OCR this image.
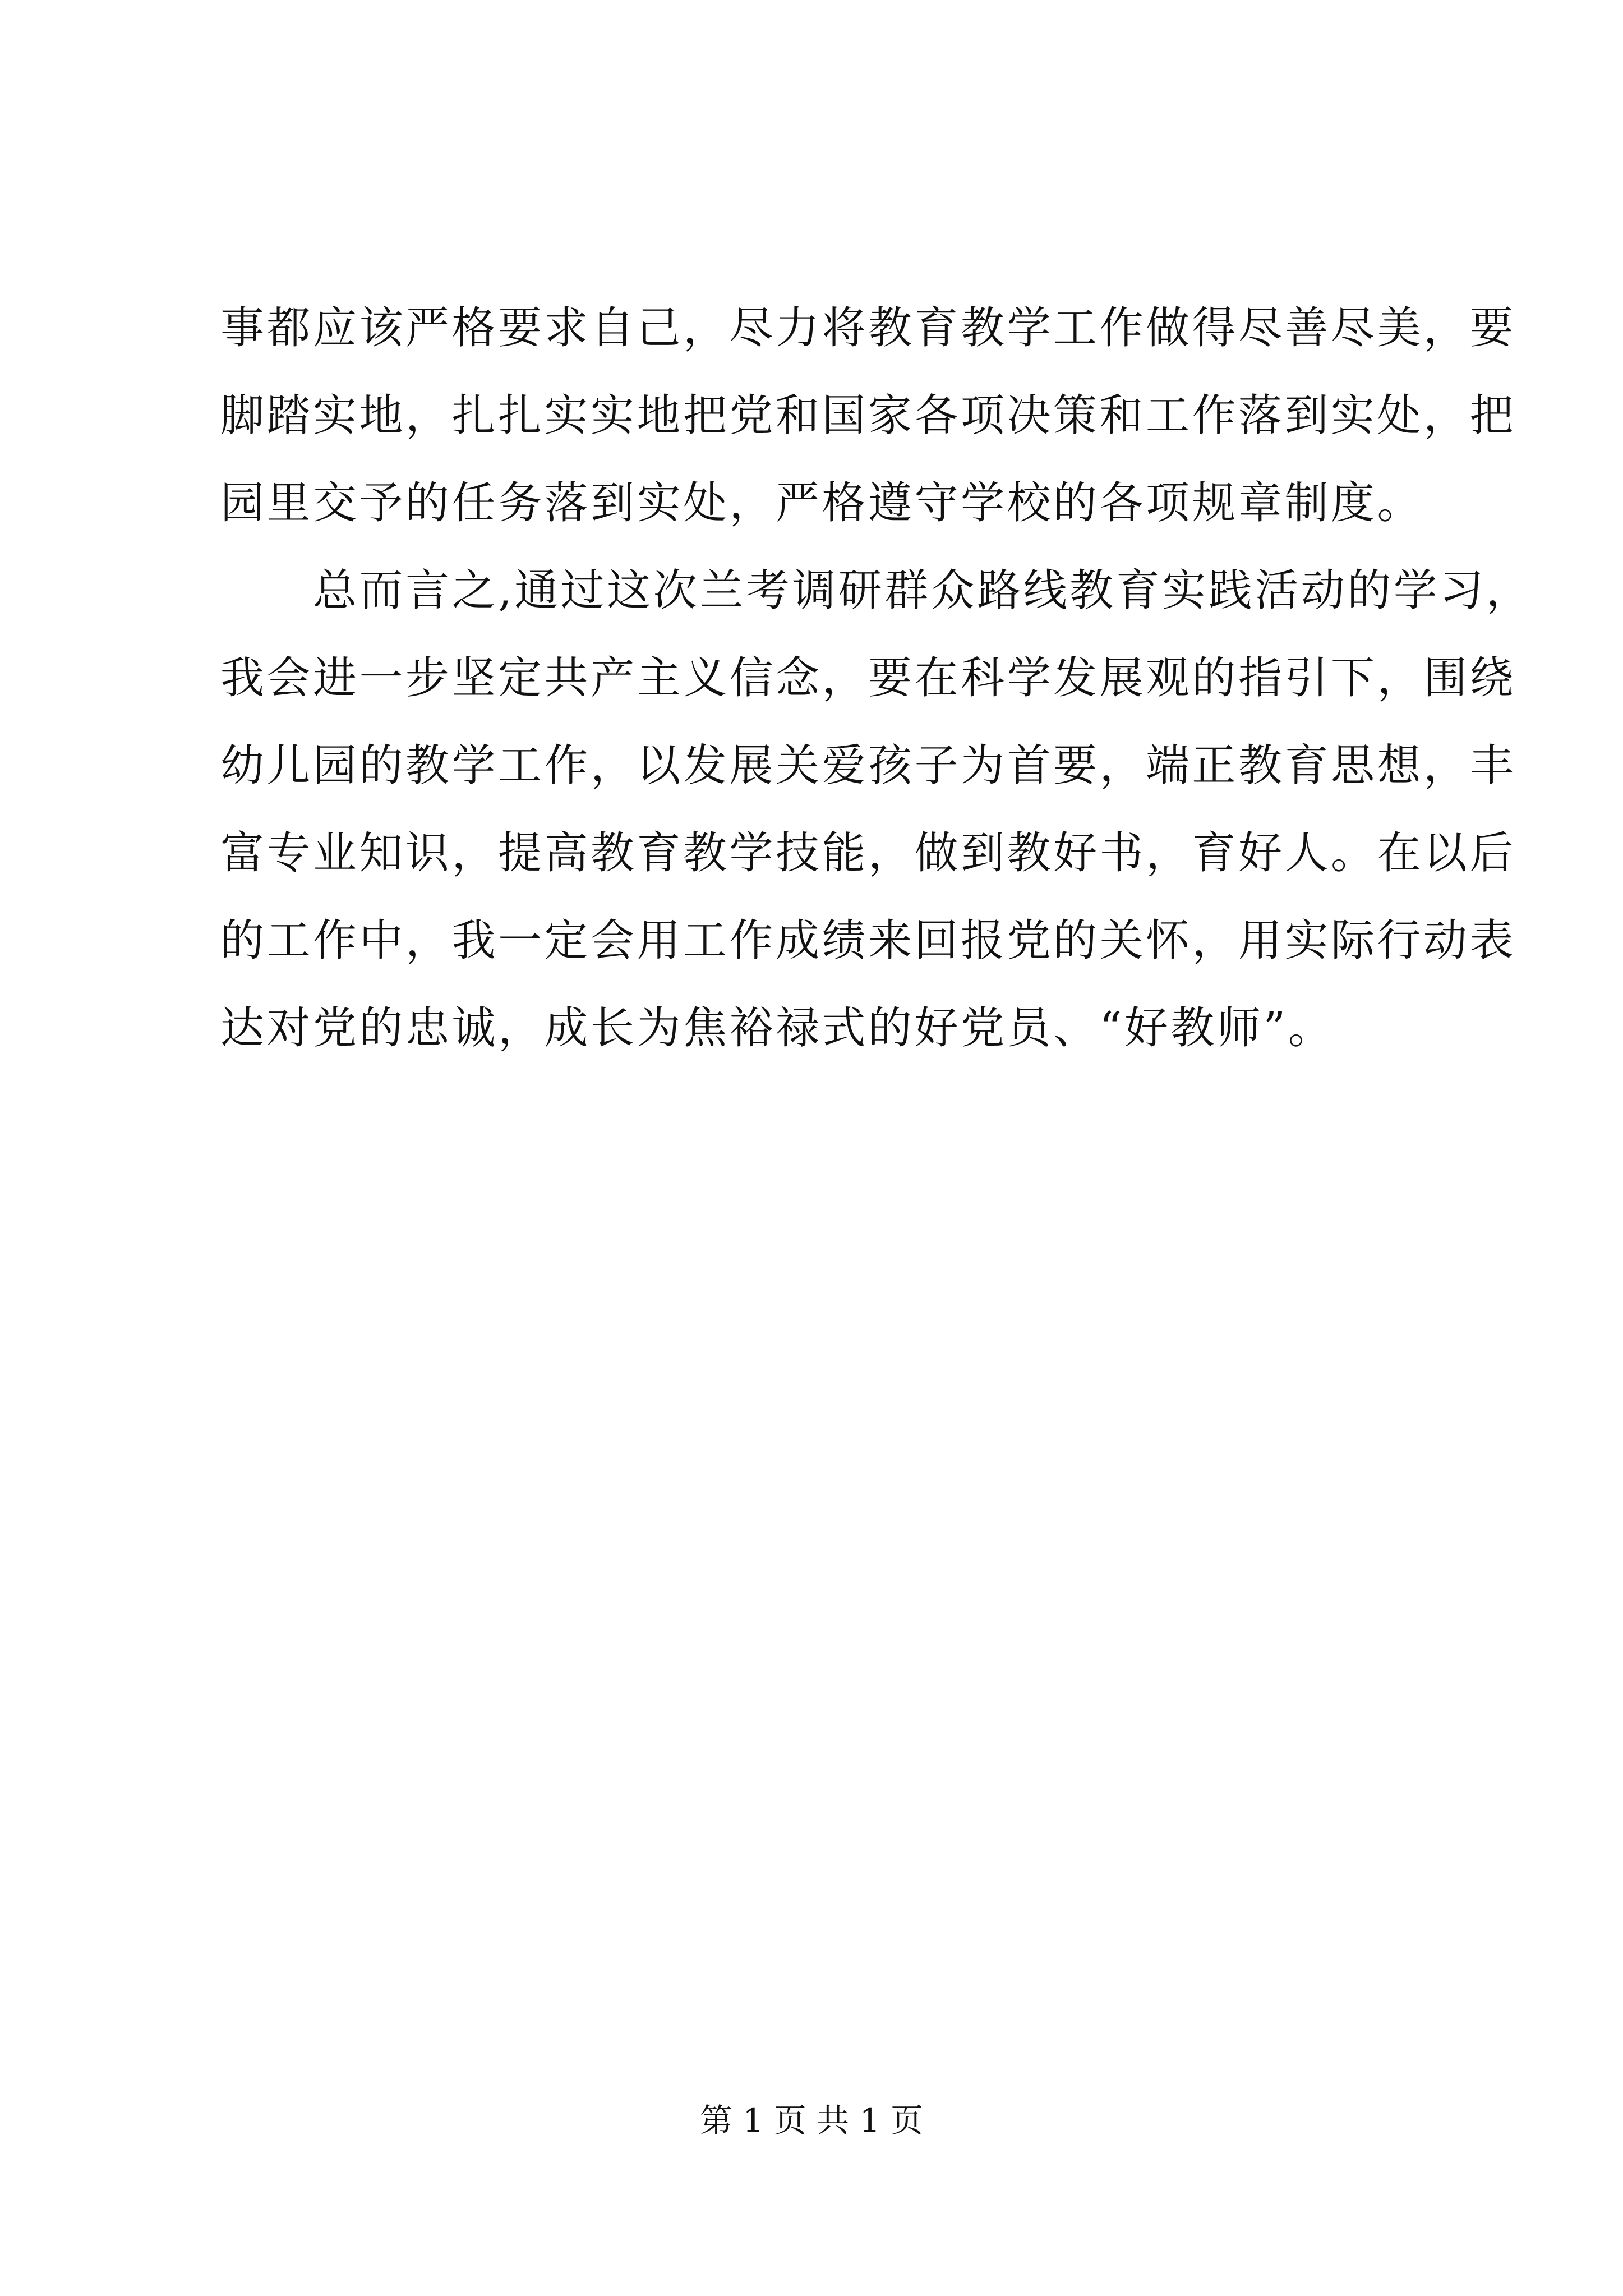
事都应该严格要求自己，尽力将教育教学工作做得尽善尽美，要
脚踏实地，扎扎实实地把党和国家各项决策和工作落到实处，把
园里交予的任务落到实处，严格遵守学校的各项规章制度。
　　总而言之,通过这次兰考调研群众路线教育实践活动的学习，
我会进一步坚定共产主义信念，要在科学发展观的指引下，围绕
幼儿园的教学工作，以发展关爱孩子为首要，端正教育思想，丰
富专业知识，提高教育教学技能，做到教好书，育好人。在以后
的工作中，我一定会用工作成绩来回报党的关怀，用实际行动表
达对党的忠诚，成长为焦裕禄式的好党员、“好教师”。
第 1 页 共 1 页
